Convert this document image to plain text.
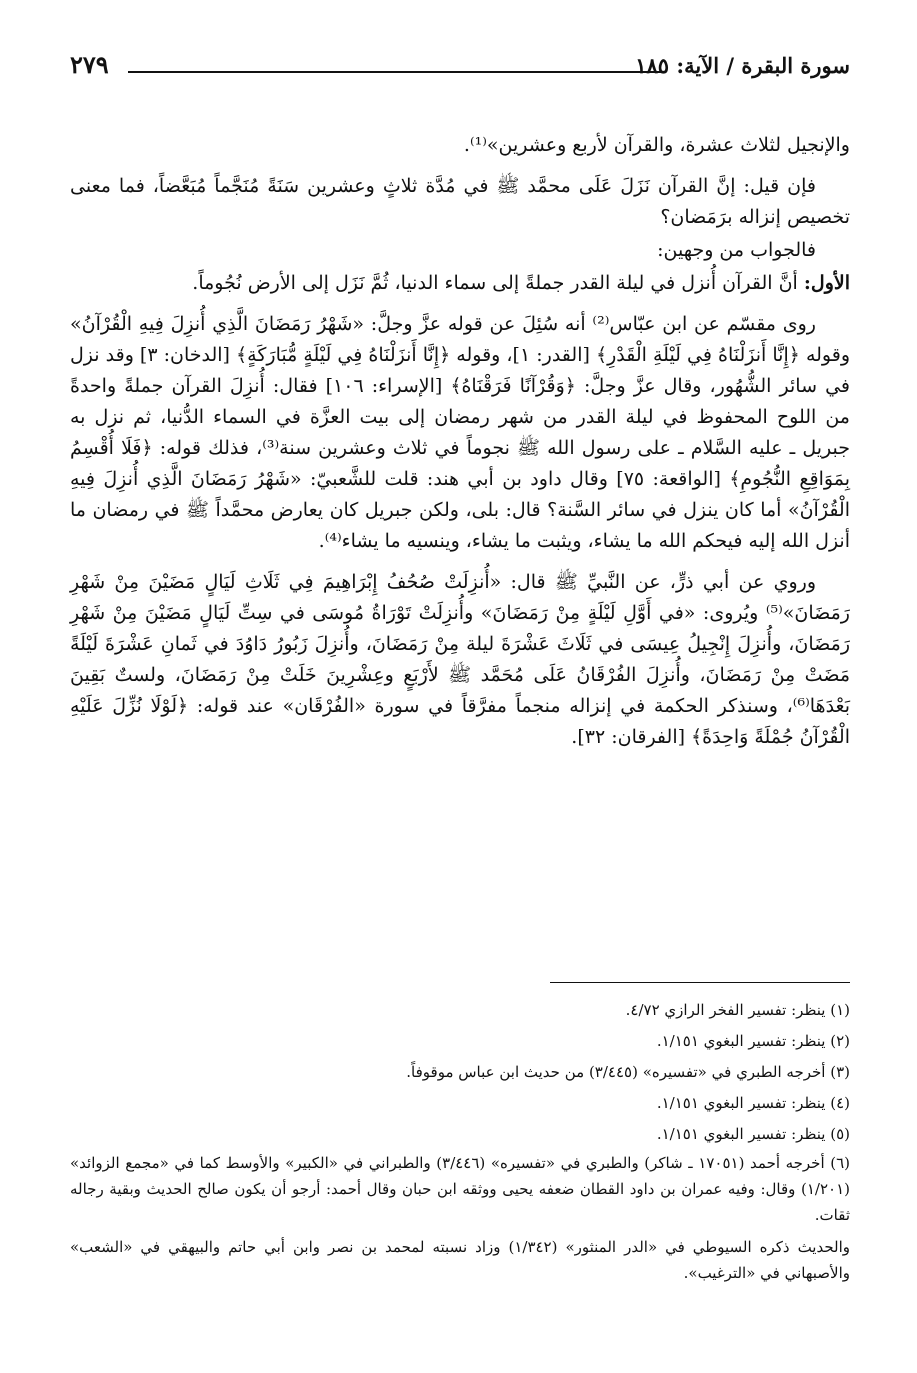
سورة البقرة / الآية: ١٨٥
٢٧٩

والإنجيل لثلاث عشرة، والقرآن لأربع وعشرين»⁽¹⁾.

فإن قيل: إنَّ القرآن نَزَلَ عَلَى محمَّد ﷺ في مُدَّة ثلاثٍ وعشرين سَنَةً مُنَجَّماً مُبَعَّضاً، فما معنى تخصيص إنزاله برَمَضان؟

فالجواب من وجهين:

الأول: أنَّ القرآن أُنزل في ليلة القدر جملةً إلى سماء الدنيا، ثُمَّ نَزَل إلى الأرض نُجُوماً.

روى مقسّم عن ابن عبّاس⁽²⁾ أنه سُئِلَ عن قوله عزَّ وجلَّ: «شَهْرُ رَمَضَانَ الَّذِي أُنزِلَ فِيهِ الْقُرْآنُ» وقوله ﴿إِنَّا أَنزَلْنَاهُ فِي لَيْلَةِ الْقَدْرِ﴾ [القدر: ١]، وقوله ﴿إِنَّا أَنزَلْنَاهُ فِي لَيْلَةٍ مُّبَارَكَةٍ﴾ [الدخان: ٣] وقد نزل في سائر الشُّهُور، وقال عزَّ وجلَّ: ﴿وَقُرْآنًا فَرَقْنَاهُ﴾ [الإسراء: ١٠٦] فقال: أُنزِلَ القرآن جملةً واحدةً من اللوح المحفوظ في ليلة القدر من شهر رمضان إلى بيت العزَّة في السماء الدُّنيا، ثم نزل به جبريل ـ عليه السَّلام ـ على رسول الله ﷺ نجوماً في ثلاث وعشرين سنة⁽³⁾، فذلك قوله: ﴿فَلَا أُقْسِمُ بِمَوَاقِعِ النُّجُومِ﴾ [الواقعة: ٧٥] وقال داود بن أبي هند: قلت للشَّعبيّ: «شَهْرُ رَمَضَانَ الَّذِي أُنزِلَ فِيهِ الْقُرْآنُ» أما كان ينزل في سائر السَّنة؟ قال: بلى، ولكن جبريل كان يعارض محمَّداً ﷺ في رمضان ما أنزل الله إليه فيحكم الله ما يشاء، ويثبت ما يشاء، وينسيه ما يشاء⁽⁴⁾.

وروي عن أبي ذرٍّ، عن النَّبيِّ ﷺ قال: «أُنزِلَتْ صُحُفُ إِبْرَاهِيمَ فِي ثَلَاثِ لَيَالٍ مَضَيْنَ مِنْ شَهْرِ رَمَضَانَ»⁽⁵⁾ ويُروى: «في أَوَّلِ لَيْلَةٍ مِنْ رَمَضَانَ» وأُنزِلَتْ تَوْرَاةُ مُوسَى في سِتِّ لَيَالٍ مَضَيْنَ مِنْ شَهْرِ رَمَضَانَ، وأُنزِلَ إِنْجِيلُ عِيسَى في ثَلَاثَ عَشْرَةَ ليلة مِنْ رَمَضَانَ، وأُنزِلَ زَبُورُ دَاوُدَ في ثَمانِ عَشْرَةَ لَيْلَةً مَضَتْ مِنْ رَمَضَانَ، وأُنزِلَ الفُرْقَانُ عَلَى مُحَمَّد ﷺ لأَرْبَعٍ وعِشْرِينَ خَلَتْ مِنْ رَمَضَانَ، ولستٌ بَقِينَ بَعْدَهَا⁽⁶⁾، وسنذكر الحكمة في إنزاله منجماً مفرَّقاً في سورة «الفُرْقَان» عند قوله: ﴿لَوْلَا نُزِّلَ عَلَيْهِ الْقُرْآنُ جُمْلَةً وَاحِدَةً﴾ [الفرقان: ٣٢].

(١) ينظر: تفسير الفخر الرازي ٤/٧٢.

(٢) ينظر: تفسير البغوي ١/١٥١.

(٣) أخرجه الطبري في «تفسيره» (٣/٤٤٥) من حديث ابن عباس موقوفاً.

(٤) ينظر: تفسير البغوي ١/١٥١.

(٥) ينظر: تفسير البغوي ١/١٥١.

(٦) أخرجه أحمد (١٧٠٥١ ـ شاكر) والطبري في «تفسيره» (٣/٤٤٦) والطبراني في «الكبير» والأوسط كما في «مجمع الزوائد» (١/٢٠١) وقال: وفيه عمران بن داود القطان ضعفه يحيى ووثقه ابن حبان وقال أحمد: أرجو أن يكون صالح الحديث وبقية رجاله ثقات.

والحديث ذكره السيوطي في «الدر المنثور» (١/٣٤٢) وزاد نسبته لمحمد بن نصر وابن أبي حاتم والبيهقي في «الشعب» والأصبهاني في «الترغيب».
